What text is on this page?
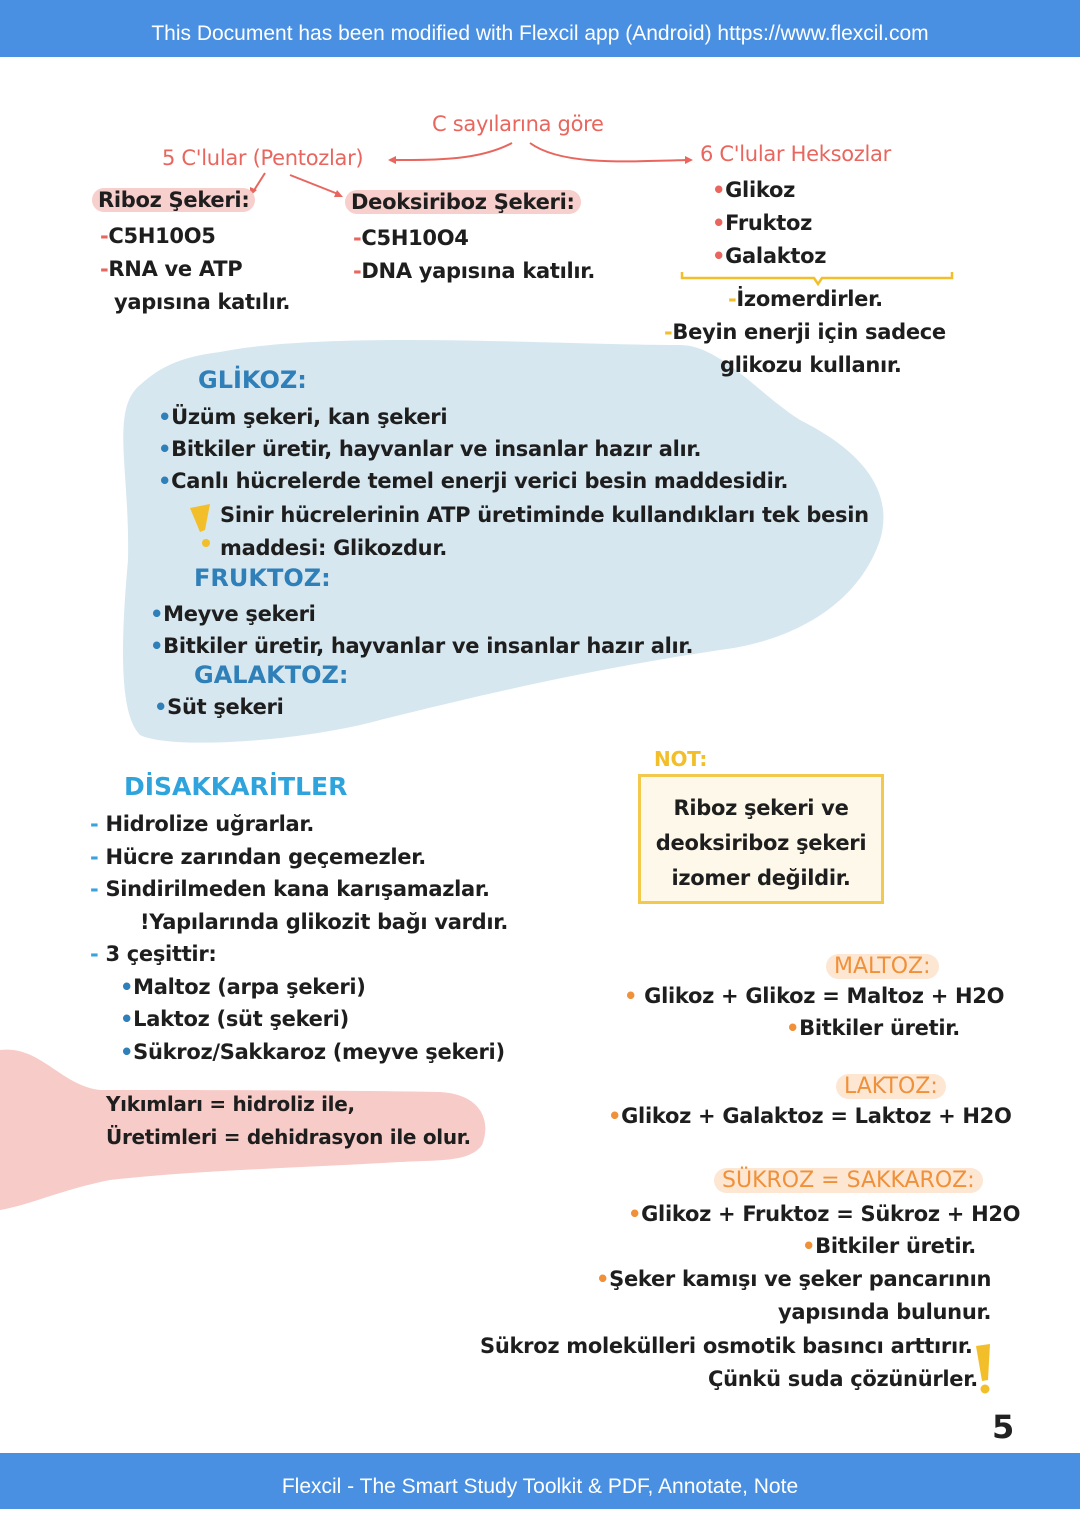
This Document has been modified with Flexcil app (Android) https://www.flexcil.com
Flexcil - The Smart Study Toolkit & PDF, Annotate, Note
C sayılarına göre
5 C'lular (Pentozlar)	6 C'lular Heksozlar
Riboz Şekeri:
-C5H10O5
-RNA ve ATP
yapısına katılır.
Deoksiriboz Şekeri:
-C5H10O4
-DNA yapısına katılır.
•Glikoz
•Fruktoz
•Galaktoz
-İzomerdirler.
-Beyin enerji için sadece
glikozu kullanır.
GLİKOZ:
•Üzüm şekeri, kan şekeri
•Bitkiler üretir, hayvanlar ve insanlar hazır alır.
•Canlı hücrelerde temel enerji verici besin maddesidir.
Sinir hücrelerinin ATP üretiminde kullandıkları tek besin
maddesi: Glikozdur.
FRUKTOZ:
•Meyve şekeri
•Bitkiler üretir, hayvanlar ve insanlar hazır alır.
GALAKTOZ:
•Süt şekeri
DİSAKKARİTLER
- Hidrolize uğrarlar.
- Hücre zarından geçemezler.
- Sindirilmeden kana karışamazlar.
!Yapılarında glikozit bağı vardır.
- 3 çeşittir:
•Maltoz (arpa şekeri)
•Laktoz (süt şekeri)
•Sükroz/Sakkaroz (meyve şekeri)
Yıkımları = hidroliz ile,
Üretimleri = dehidrasyon ile olur.
NOT:
Riboz şekeri ve
deoksiriboz şekeri
izomer değildir.
MALTOZ:
• Glikoz + Glikoz = Maltoz + H2O
•Bitkiler üretir.
LAKTOZ:
•Glikoz + Galaktoz = Laktoz + H2O
SÜKROZ = SAKKAROZ:
•Glikoz + Fruktoz = Sükroz + H2O
•Bitkiler üretir.
•Şeker kamışı ve şeker pancarının
yapısında bulunur.
Sükroz molekülleri osmotik basıncı arttırır.
Çünkü suda çözünürler.
5
